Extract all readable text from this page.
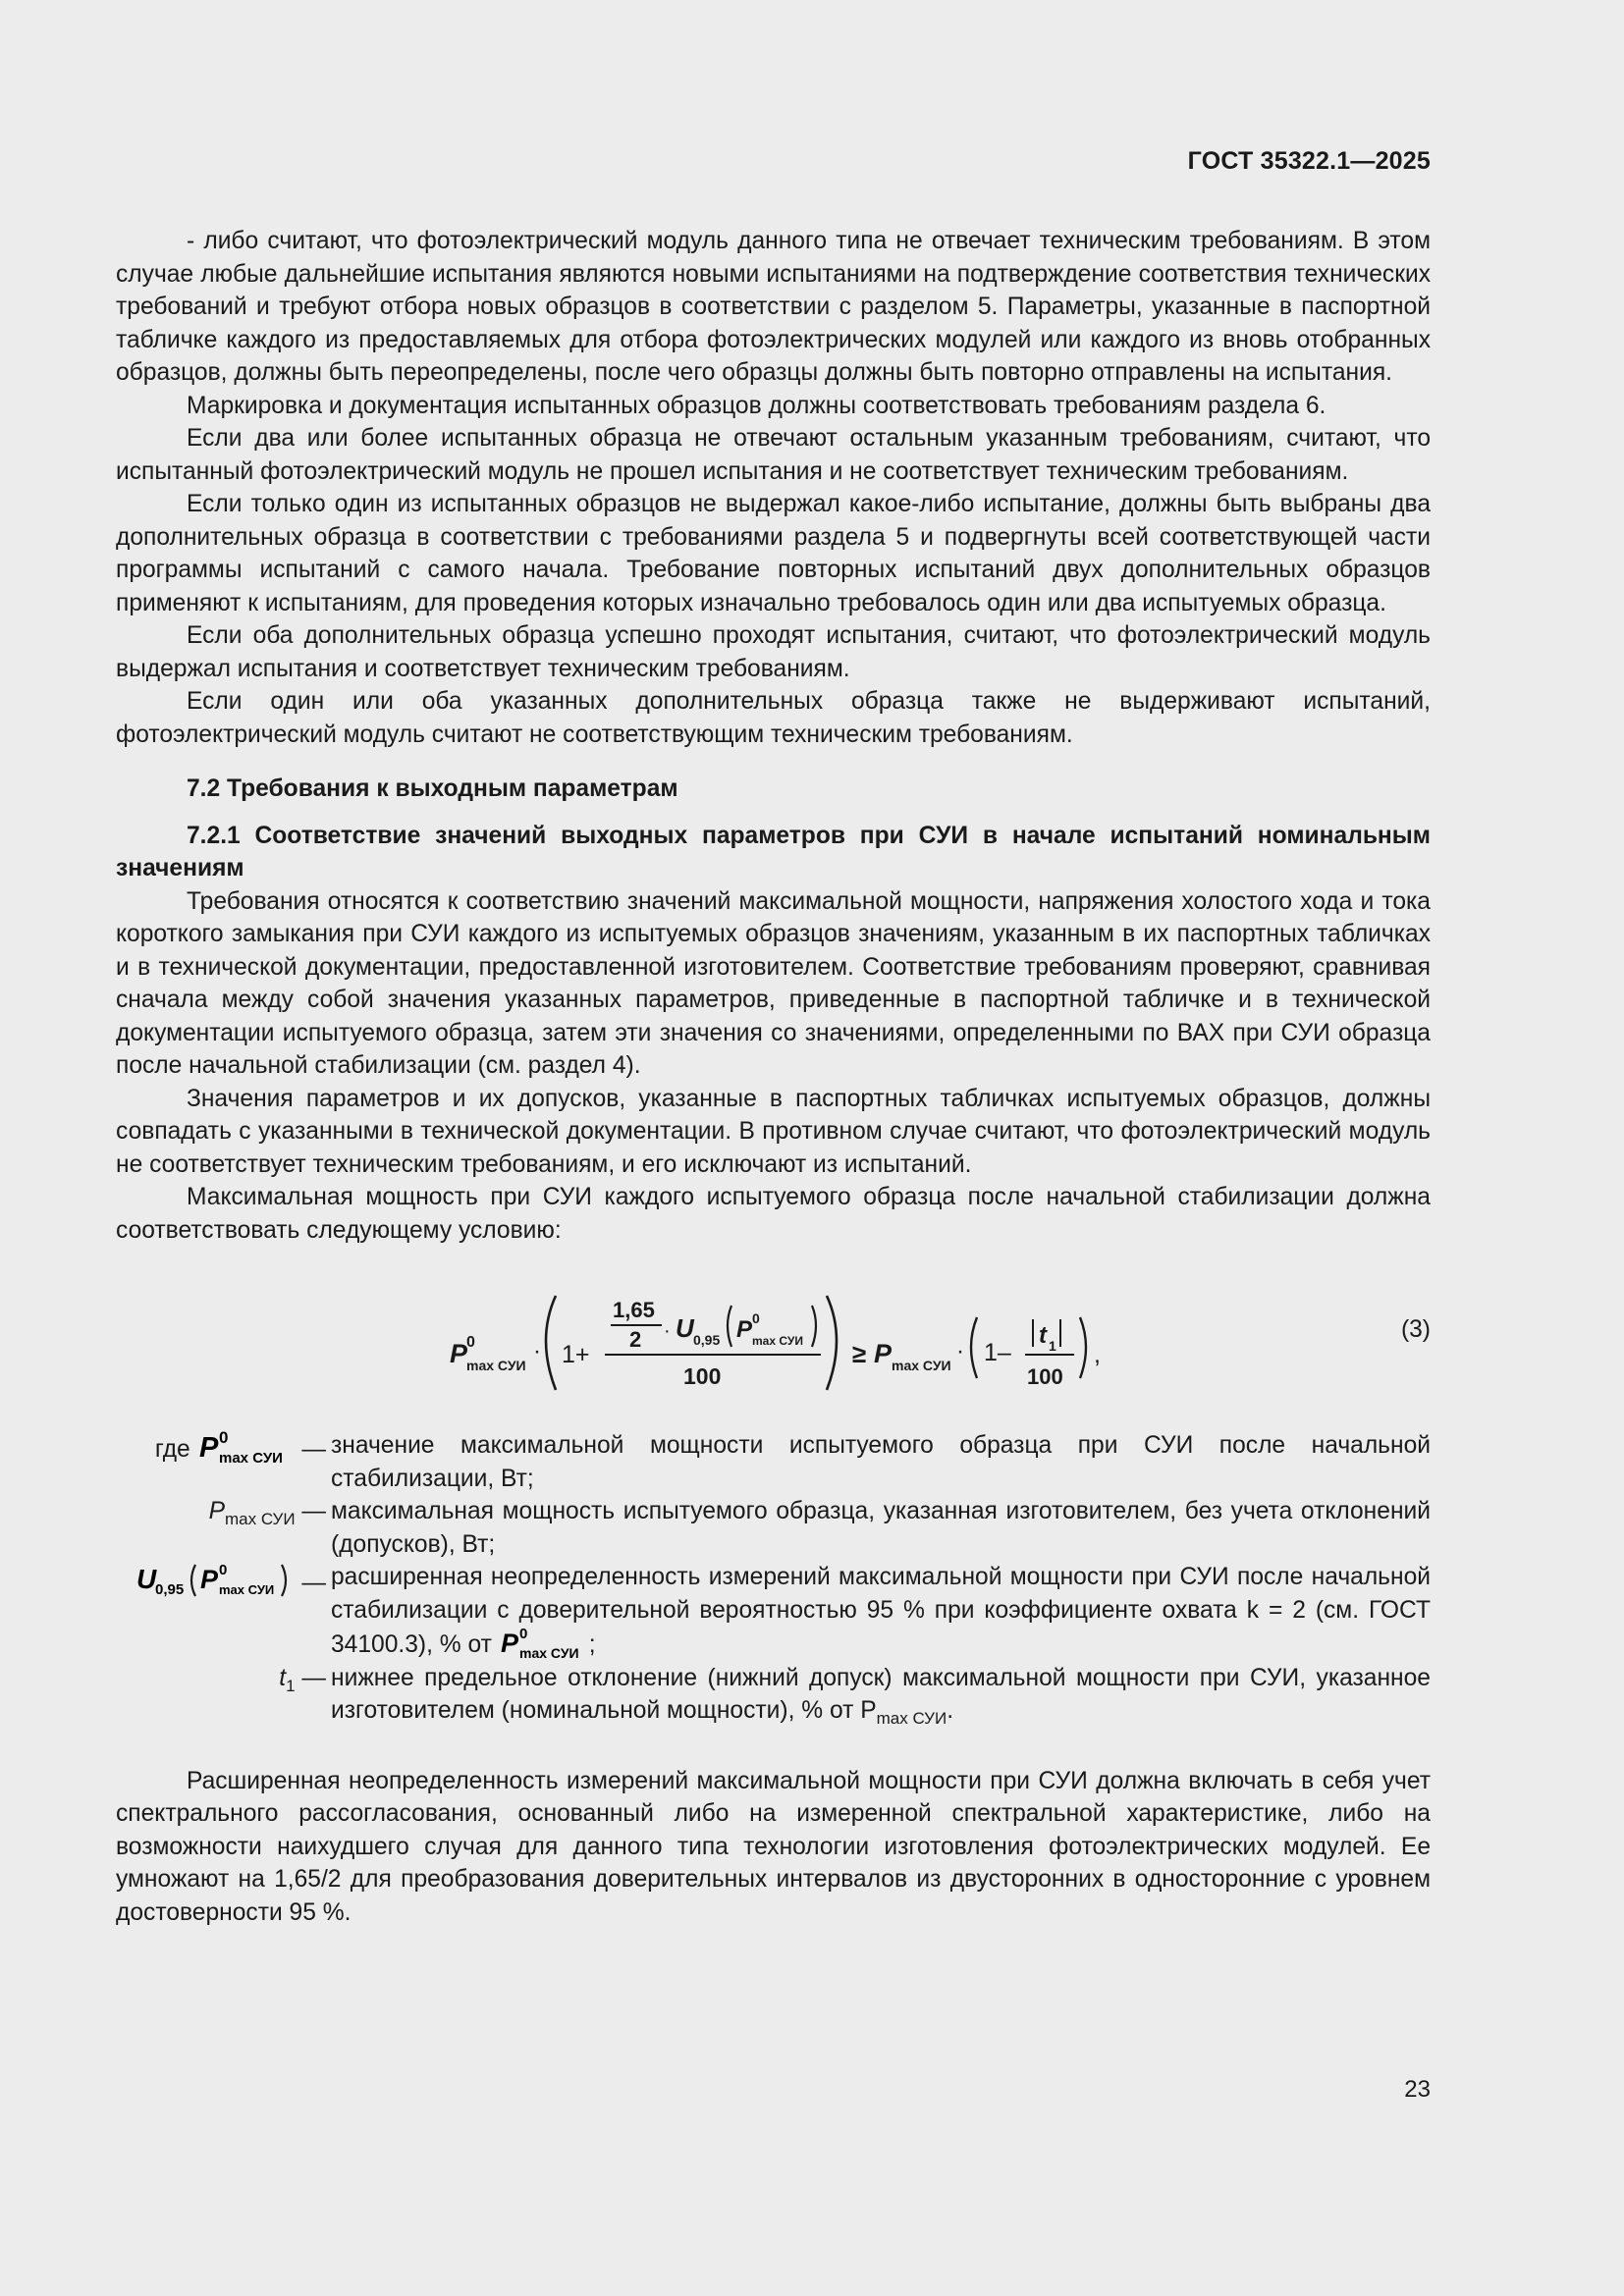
ГОСТ 35322.1—2025

- либо считают, что фотоэлектрический модуль данного типа не отвечает техническим требованиям. В этом случае любые дальнейшие испытания являются новыми испытаниями на подтверждение соответствия технических требований и требуют отбора новых образцов в соответствии с разделом 5. Параметры, указанные в паспортной табличке каждого из предоставляемых для отбора фотоэлектрических модулей или каждого из вновь отобранных образцов, должны быть переопределены, после чего образцы должны быть повторно отправлены на испытания.

Маркировка и документация испытанных образцов должны соответствовать требованиям раздела 6.

Если два или более испытанных образца не отвечают остальным указанным требованиям, считают, что испытанный фотоэлектрический модуль не прошел испытания и не соответствует техническим требованиям.

Если только один из испытанных образцов не выдержал какое-либо испытание, должны быть выбраны два дополнительных образца в соответствии с требованиями раздела 5 и подвергнуты всей соответствующей части программы испытаний с самого начала. Требование повторных испытаний двух дополнительных образцов применяют к испытаниям, для проведения которых изначально требовалось один или два испытуемых образца.

Если оба дополнительных образца успешно проходят испытания, считают, что фотоэлектрический модуль выдержал испытания и соответствует техническим требованиям.

Если один или оба указанных дополнительных образца также не выдерживают испытаний, фотоэлектрический модуль считают не соответствующим техническим требованиям.

7.2 Требования к выходным параметрам

7.2.1 Соответствие значений выходных параметров при СУИ в начале испытаний номинальным значениям

Требования относятся к соответствию значений максимальной мощности, напряжения холостого хода и тока короткого замыкания при СУИ каждого из испытуемых образцов значениям, указанным в их паспортных табличках и в технической документации, предоставленной изготовителем. Соответствие требованиям проверяют, сравнивая сначала между собой значения указанных параметров, приведенные в паспортной табличке и в технической документации испытуемого образца, затем эти значения со значениями, определенными по ВАХ при СУИ образца после начальной стабилизации (см. раздел 4).

Значения параметров и их допусков, указанные в паспортных табличках испытуемых образцов, должны совпадать с указанными в технической документации. В противном случае считают, что фотоэлектрический модуль не соответствует техническим требованиям, и его исключают из испытаний.

Максимальная мощность при СУИ каждого испытуемого образца после начальной стабилизации должна соответствовать следующему условию:

P
0
max СУИ
· 1+
1,65
2 · U 0,95 P 0
max СУИ
100
≥ P max СУИ
· 1–
t 1
100
,
(3)

где P 0
max СУИ — значение максимальной мощности испытуемого образца при СУИ после начальной стабилизации, Вт;

$P_{max СУИ}$ — максимальная мощность испытуемого образца, указанная изготовителем, без учета отклонений (допусков), Вт;

U
0,95 P 0
max СУИ — расширенная неопределенность измерений максимальной мощности при СУИ после начальной стабилизации с доверительной вероятностью 95 % при коэффициенте охвата k = 2 (см. ГОСТ 34100.3), % от P 0
max СУИ ;

$t_1$ — нижнее предельное отклонение (нижний допуск) максимальной мощности при СУИ, указанное изготовителем (номинальной мощности), % от $P_{max СУИ}$.

Расширенная неопределенность измерений максимальной мощности при СУИ должна включать в себя учет спектрального рассогласования, основанный либо на измеренной спектральной характеристике, либо на возможности наихудшего случая для данного типа технологии изготовления фотоэлектрических модулей. Ее умножают на 1,65/2 для преобразования доверительных интервалов из двусторонних в односторонние с уровнем достоверности 95 %.

23
